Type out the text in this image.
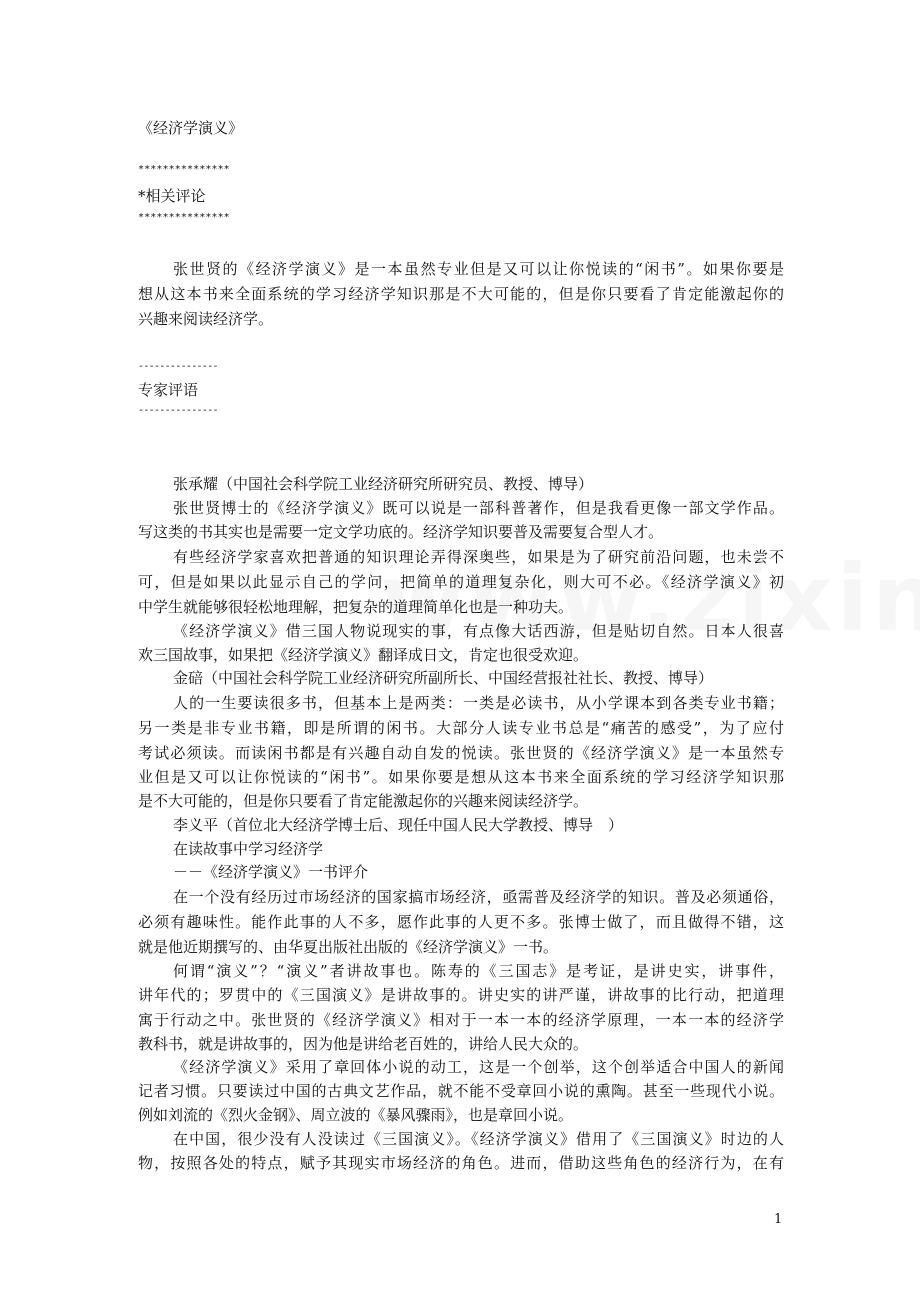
《经济学演义》
***************
*相关评论
***************
张世贤的《经济学演义》是一本虽然专业但是又可以让你悦读的“闲书”。如果你要是
想从这本书来全面系统的学习经济学知识那是不大可能的，但是你只要看了肯定能激起你的
兴趣来阅读经济学。
---------------
专家评语
---------------
张承耀（中国社会科学院工业经济研究所研究员、教授、博导）
张世贤博士的《经济学演义》既可以说是一部科普著作，但是我看更像一部文学作品。
写这类的书其实也是需要一定文学功底的。经济学知识要普及需要复合型人才。
有些经济学家喜欢把普通的知识理论弄得深奥些，如果是为了研究前沿问题，也未尝不
可，但是如果以此显示自己的学问，把简单的道理复杂化，则大可不必。《经济学演义》初
中学生就能够很轻松地理解，把复杂的道理简单化也是一种功夫。
《经济学演义》借三国人物说现实的事，有点像大话西游，但是贴切自然。日本人很喜
欢三国故事，如果把《经济学演义》翻译成日文，肯定也很受欢迎。
金碚（中国社会科学院工业经济研究所副所长、中国经营报社社长、教授、博导）
人的一生要读很多书，但基本上是两类：一类是必读书，从小学课本到各类专业书籍；
另一类是非专业书籍，即是所谓的闲书。大部分人读专业书总是“痛苦的感受”，为了应付
考试必须读。而读闲书都是有兴趣自动自发的悦读。张世贤的《经济学演义》是一本虽然专
业但是又可以让你悦读的“闲书”。如果你要是想从这本书来全面系统的学习经济学知识那
是不大可能的，但是你只要看了肯定能激起你的兴趣来阅读经济学。
李义平（首位北大经济学博士后、现任中国人民大学教授、博导　）
在读故事中学习经济学
－－《经济学演义》一书评介
在一个没有经历过市场经济的国家搞市场经济，亟需普及经济学的知识。普及必须通俗，
必须有趣味性。能作此事的人不多，愿作此事的人更不多。张博士做了，而且做得不错，这
就是他近期撰写的、由华夏出版社出版的《经济学演义》一书。
何谓“演义”？“演义”者讲故事也。陈寿的《三国志》是考证，是讲史实，讲事件，
讲年代的；罗贯中的《三国演义》是讲故事的。讲史实的讲严谨，讲故事的比行动，把道理
寓于行动之中。张世贤的《经济学演义》相对于一本一本的经济学原理，一本一本的经济学
教科书，就是讲故事的，因为他是讲给老百姓的，讲给人民大众的。
《经济学演义》采用了章回体小说的动工，这是一个创举，这个创举适合中国人的新闻
记者习惯。只要读过中国的古典文艺作品，就不能不受章回小说的熏陶。甚至一些现代小说。
例如刘流的《烈火金钢》、周立波的《暴风骤雨》，也是章回小说。
在中国，很少没有人没读过《三国演义》。《经济学演义》借用了《三国演义》时边的人
物，按照各处的特点，赋予其现实市场经济的角色。进而，借助这些角色的经济行为，在有
1
